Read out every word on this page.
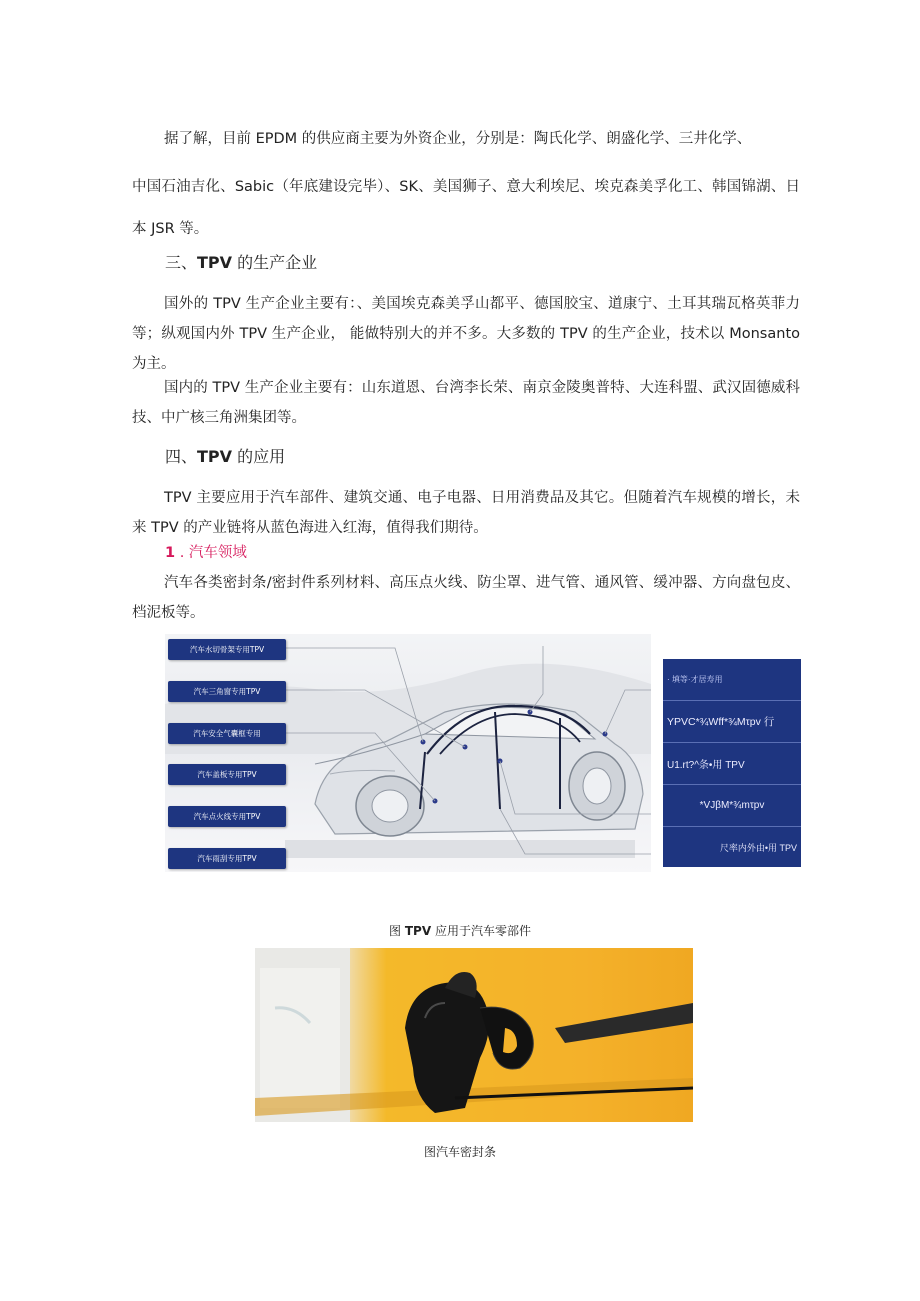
据了解，目前 EPDM 的供应商主要为外资企业，分别是：陶氏化学、朗盛化学、三井化学、

中国石油吉化、Sabic（年底建设完毕）、SK、美国狮子、意大利埃尼、埃克森美孚化工、韩国锦湖、日本 JSR 等。

三、TPV 的生产企业

国外的 TPV 生产企业主要有：、美国埃克森美孚山都平、德国胶宝、道康宁、土耳其瑞瓦格英菲力等；纵观国内外 TPV 生产企业， 能做特别大的并不多。大多数的 TPV 的生产企业，技术以 Monsanto 为主。

国内的 TPV 生产企业主要有：山东道恩、台湾李长荣、南京金陵奥普特、大连科盟、武汉固德威科技、中广核三角洲集团等。

四、TPV 的应用

TPV 主要应用于汽车部件、建筑交通、电子电器、日用消费品及其它。但随着汽车规模的增长，未来 TPV 的产业链将从蓝色海进入红海，值得我们期待。

1 . 汽车领域

汽车各类密封条/密封件系列材料、高压点火线、防尘罩、进气管、通风管、缓冲器、方向盘包皮、档泥板等。

汽车水切骨架专用TPV
汽车三角窗专用TPV
汽车安全气囊框专用
汽车盖板专用TPV
汽车点火线专用TPV
汽车雨刮专用TPV
· 填等·才居寿用
YPVC*¾Wff*¾Mτpv 行
U1.rt?^条•用 TPV
*VJβM*¾mτpv
尺率内外由•用 TPV
图 TPV 应用于汽车零部件
图汽车密封条
